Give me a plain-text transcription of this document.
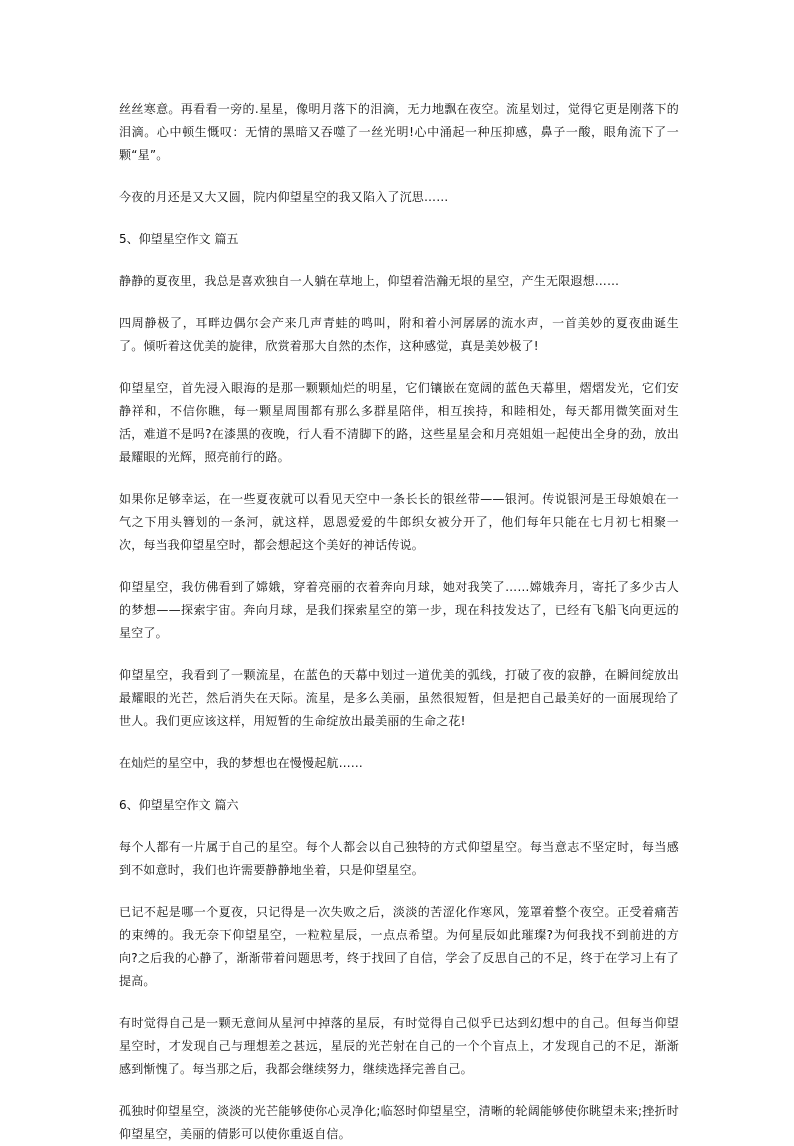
丝丝寒意。再看看一旁的.星星，像明月落下的泪滴，无力地飘在夜空。流星划过，觉得它更是刚落下的泪滴。心中顿生慨叹：无情的黑暗又吞噬了一丝光明!心中涌起一种压抑感，鼻子一酸，眼角流下了一颗“星”。

今夜的月还是又大又圆，院内仰望星空的我又陷入了沉思……

5、仰望星空作文 篇五

静静的夏夜里，我总是喜欢独自一人躺在草地上，仰望着浩瀚无垠的星空，产生无限遐想……

四周静极了，耳畔边偶尔会产来几声青蛙的鸣叫，附和着小河孱孱的流水声，一首美妙的夏夜曲诞生了。倾听着这优美的旋律，欣赏着那大自然的杰作，这种感觉，真是美妙极了!

仰望星空，首先浸入眼海的是那一颗颗灿烂的明星，它们镶嵌在宽阔的蓝色天幕里，熠熠发光，它们安静祥和，不信你瞧，每一颗星周围都有那么多群星陪伴，相互挨持，和睦相处，每天都用微笑面对生活，难道不是吗?在漆黑的夜晚，行人看不清脚下的路，这些星星会和月亮姐姐一起使出全身的劲，放出最耀眼的光辉，照亮前行的路。

如果你足够幸运，在一些夏夜就可以看见天空中一条长长的银丝带——银河。传说银河是王母娘娘在一气之下用头簪划的一条河，就这样，恩恩爱爱的牛郎织女被分开了，他们每年只能在七月初七相聚一次，每当我仰望星空时，都会想起这个美好的神话传说。

仰望星空，我仿佛看到了嫦娥，穿着亮丽的衣着奔向月球，她对我笑了……嫦娥奔月，寄托了多少古人的梦想——探索宇宙。奔向月球，是我们探索星空的第一步，现在科技发达了，已经有飞船飞向更远的星空了。

仰望星空，我看到了一颗流星，在蓝色的天幕中划过一道优美的弧线，打破了夜的寂静，在瞬间绽放出最耀眼的光芒，然后消失在天际。流星，是多么美丽，虽然很短暂，但是把自己最美好的一面展现给了世人。我们更应该这样，用短暂的生命绽放出最美丽的生命之花!

在灿烂的星空中，我的梦想也在慢慢起航……

6、仰望星空作文 篇六

每个人都有一片属于自己的星空。每个人都会以自己独特的方式仰望星空。每当意志不坚定时，每当感到不如意时，我们也许需要静静地坐着，只是仰望星空。

已记不起是哪一个夏夜，只记得是一次失败之后，淡淡的苦涩化作寒风，笼罩着整个夜空。正受着痛苦的束缚的。我无奈下仰望星空，一粒粒星辰，一点点希望。为何星辰如此璀璨?为何我找不到前进的方向?之后我的心静了，渐渐带着问题思考，终于找回了自信，学会了反思自己的不足，终于在学习上有了提高。

有时觉得自己是一颗无意间从星河中掉落的星辰，有时觉得自己似乎已达到幻想中的自己。但每当仰望星空时，才发现自己与理想差之甚远，星辰的光芒射在自己的一个个盲点上，才发现自己的不足，渐渐感到惭愧了。每当那之后，我都会继续努力，继续选择完善自己。

孤独时仰望星空，淡淡的光芒能够使你心灵净化;临怒时仰望星空，清晰的轮阔能够使你眺望未来;挫折时仰望星空，美丽的倩影可以使你重返自信。
